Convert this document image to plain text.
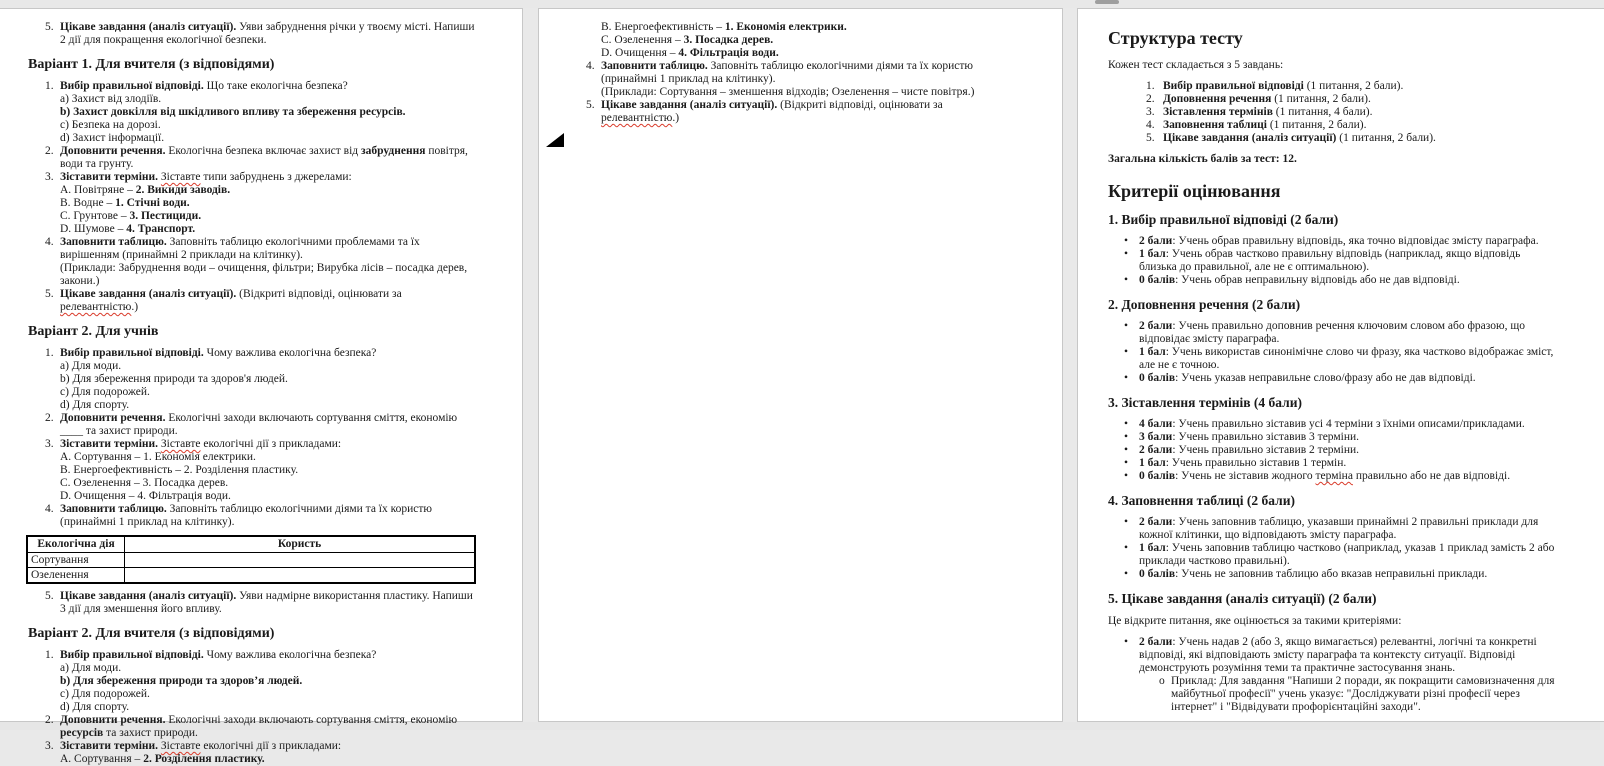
5. Цікаве завдання (аналіз ситуації). Уяви забруднення річки у твоєму місті. Напиши 2 дії для покращення екологічної безпеки.
Варіант 1. Для вчителя (з відповідями)
1. Вибір правильної відповіді. Що таке екологічна безпека?
a) Захист від злодіїв.
b) Захист довкілля від шкідливого впливу та збереження ресурсів.
c) Безпека на дорозі.
d) Захист інформації.
2. Доповнити речення. Екологічна безпека включає захист від забруднення повітря, води та грунту.
3. Зіставити терміни. Зіставте типи забруднень з джерелами:
А. Повітряне – 2. Викиди заводів.
В. Водне – 1. Стічні води.
С. Грунтове – 3. Пестициди.
D. Шумове – 4. Транспорт.
4. Заповнити таблицю. Заповніть таблицю екологічними проблемами та їх вирішенням (принаймні 2 приклади на клітинку).
(Приклади: Забруднення води – очищення, фільтри; Вирубка лісів – посадка дерев, закони.)
5. Цікаве завдання (аналіз ситуації). (Відкриті відповіді, оцінювати за релевантністю.)
Варіант 2. Для учнів
1. Вибір правильної відповіді. Чому важлива екологічна безпека?
a) Для моди.
b) Для збереження природи та здоров'я людей.
c) Для подорожей.
d) Для спорту.
2. Доповнити речення. Екологічні заходи включають сортування сміття, економію ____ та захист природи.
3. Зіставити терміни. Зіставте екологічні дії з прикладами:
А. Сортування – 1. Економія електрики.
В. Енергоефективність – 2. Розділення пластику.
С. Озеленення – 3. Посадка дерев.
D. Очищення – 4. Фільтрація води.
4. Заповнити таблицю. Заповніть таблицю екологічними діями та їх користю (принаймні 1 приклад на клітинку).
Екологічна дія	Користь
Сортування	
Озеленення	
5. Цікаве завдання (аналіз ситуації). Уяви надмірне використання пластику. Напиши 3 дії для зменшення його впливу.
Варіант 2. Для вчителя (з відповідями)
1. Вибір правильної відповіді. Чому важлива екологічна безпека?
a) Для моди.
b) Для збереження природи та здоров’я людей.
c) Для подорожей.
d) Для спорту.
2. Доповнити речення. Екологічні заходи включають сортування сміття, економію ресурсів та захист природи.
3. Зіставити терміни. Зіставте екологічні дії з прикладами:
А. Сортування – 2. Розділення пластику.
В. Енергоефективність – 1. Економія електрики.
С. Озеленення – 3. Посадка дерев.
D. Очищення – 4. Фільтрація води.
4. Заповнити таблицю. Заповніть таблицю екологічними діями та їх користю (принаймні 1 приклад на клітинку).
(Приклади: Сортування – зменшення відходів; Озеленення – чисте повітря.)
5. Цікаве завдання (аналіз ситуації). (Відкриті відповіді, оцінювати за релевантністю.)
Структура тесту
Кожен тест складається з 5 завдань:
1. Вибір правильної відповіді (1 питання, 2 бали).
2. Доповнення речення (1 питання, 2 бали).
3. Зіставлення термінів (1 питання, 4 бали).
4. Заповнення таблиці (1 питання, 2 бали).
5. Цікаве завдання (аналіз ситуації) (1 питання, 2 бали).
Загальна кількість балів за тест: 12.
Критерії оцінювання
1. Вибір правильної відповіді (2 бали)
• 2 бали: Учень обрав правильну відповідь, яка точно відповідає змісту параграфа.
• 1 бал: Учень обрав частково правильну відповідь (наприклад, якщо відповідь близька до правильної, але не є оптимальною).
• 0 балів: Учень обрав неправильну відповідь або не дав відповіді.
2. Доповнення речення (2 бали)
• 2 бали: Учень правильно доповнив речення ключовим словом або фразою, що відповідає змісту параграфа.
• 1 бал: Учень використав синонімічне слово чи фразу, яка частково відображає зміст, але не є точною.
• 0 балів: Учень указав неправильне слово/фразу або не дав відповіді.
3. Зіставлення термінів (4 бали)
• 4 бали: Учень правильно зіставив усі 4 терміни з їхніми описами/прикладами.
• 3 бали: Учень правильно зіставив 3 терміни.
• 2 бали: Учень правильно зіставив 2 терміни.
• 1 бал: Учень правильно зіставив 1 термін.
• 0 балів: Учень не зіставив жодного терміна правильно або не дав відповіді.
4. Заповнення таблиці (2 бали)
• 2 бали: Учень заповнив таблицю, указавши принаймні 2 правильні приклади для кожної клітинки, що відповідають змісту параграфа.
• 1 бал: Учень заповнив таблицю частково (наприклад, указав 1 приклад замість 2 або приклади частково правильні).
• 0 балів: Учень не заповнив таблицю або вказав неправильні приклади.
5. Цікаве завдання (аналіз ситуації) (2 бали)
Це відкрите питання, яке оцінюється за такими критеріями:
• 2 бали: Учень надав 2 (або 3, якщо вимагається) релевантні, логічні та конкретні відповіді, які відповідають змісту параграфа та контексту ситуації. Відповіді демонструють розуміння теми та практичне застосування знань.
o Приклад: Для завдання "Напиши 2 поради, як покращити самовизначення для майбутньої професії" учень указує: "Досліджувати різні професії через інтернет" і "Відвідувати профорієнтаційні заходи".
